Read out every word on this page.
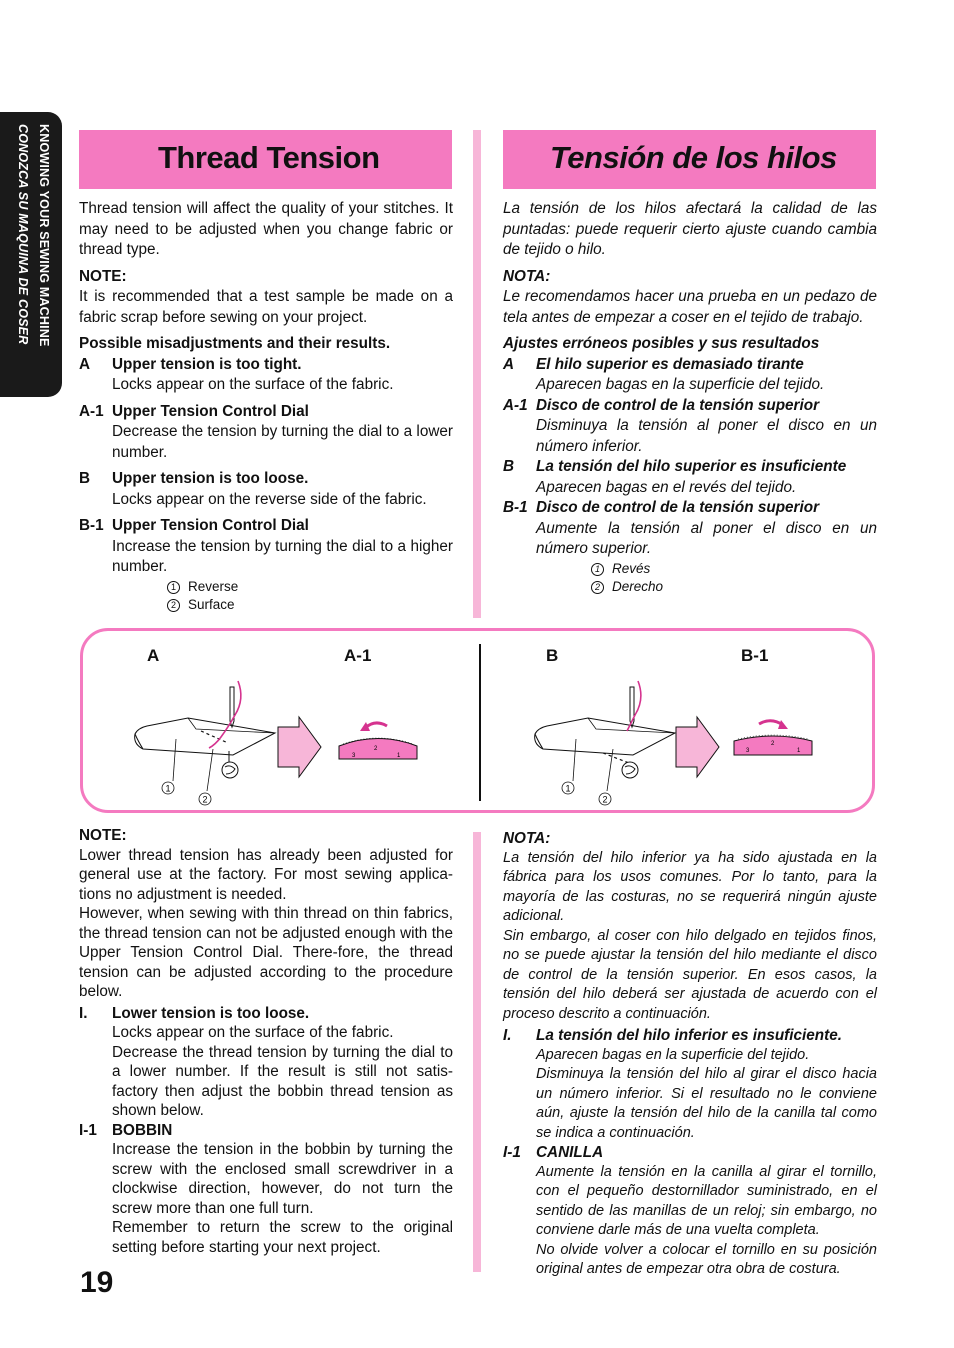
KNOWING YOUR SEWING MACHINE
CONOZCA SU MAQUINA DE COSER	Thread Tension	Tensión de los hilos

Thread tension will affect the quality of your stitches. It may need to be adjusted when you change fabric or thread type.

NOTE:

It is recommended that a test sample be made on a fabric scrap before sewing on your project.

Possible misadjustments and their results.

A	Upper tension is too tight.

Locks appear on the surface of the fabric.

A-1 Upper Tension Control Dial

Decrease the tension by turning the dial to a lower number.

B	Upper tension is too loose.

Locks appear on the reverse side of the fabric.

B-1 Upper Tension Control Dial

Increase the tension by turning the dial to a higher number.

1 Reverse

2 Surface

La tensión de los hilos afectará la calidad de las puntadas: puede requerir cierto ajuste cuando cambia de tejido o hilo.

NOTA:

Le recomendamos hacer una prueba en un pedazo de tela antes de empezar a coser en el tejido de trabajo.

Ajustes erróneos posibles y sus resultados

A	El hilo superior es demasiado tirante

Aparecen bagas en la superficie del tejido.

A-1 Disco de control de la tensión superior

Disminuya la tensión al poner el disco en un número inferior.

B	La tensión del hilo superior es insuficiente

Aparecen bagas en el revés del tejido.

B-1 Disco de control de la tensión superior

Aumente la tensión al poner el disco en un número superior.

1 Revés

2 Derecho

A	A-1	B	B-1
1
2
3
2
1
1
2
3
2
1

NOTE:

Lower thread tension has already been adjusted for general use at the factory. For most sewing applica-tions no adjustment is needed.

However, when sewing with thin thread on thin fabrics, the thread tension can not be adjusted enough with the Upper Tension Control Dial. There-fore, the thread tension can be adjusted according to the procedure below.

I.	Lower tension is too loose.

Locks appear on the surface of the fabric.

Decrease the thread tension by turning the dial to a lower number. If the result is still not satis-factory then adjust the bobbin thread tension as shown below.

I-1 BOBBIN

Increase the tension in the bobbin by turning the screw with the enclosed small screwdriver in a clockwise direction, however, do not turn the screw more than one full turn.

Remember to return the screw to the original setting before starting your next project.

NOTA:

La tensión del hilo inferior ya ha sido ajustada en la fábrica para los usos comunes. Por lo tanto, para la mayoría de las costuras, no se requerirá ningún ajuste adicional.

Sin embargo, al coser con hilo delgado en tejidos finos, no se puede ajustar la tensión del hilo mediante el disco de control de la tensión superior. En esos casos, la tensión del hilo deberá ser ajustada de acuerdo con el proceso descrito a continuación.

I.	La tensión del hilo inferior es insuficiente.

Aparecen bagas en la superficie del tejido.

Disminuya la tensión del hilo al girar el disco hacia un número inferior. Si el resultado no le conviene aún, ajuste la tensión del hilo de la canilla tal como se indica a continuación.

I-1 CANILLA

Aumente la tensión en la canilla al girar el tornillo, con el pequeño destornillador suministrado, en el sentido de las manillas de un reloj; sin embargo, no conviene darle más de una vuelta completa.

No olvide volver a colocar el tornillo en su posición original antes de empezar otra obra de costura.

19
